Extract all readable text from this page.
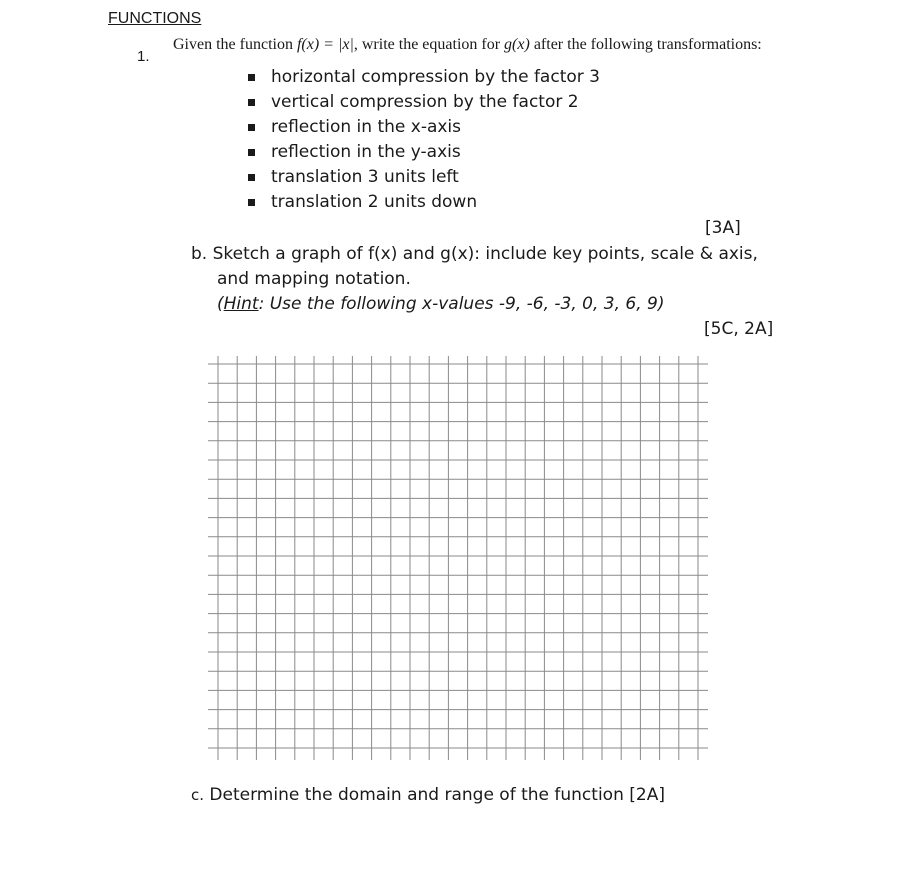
FUNCTIONS
1.
Given the function f(x) = |x|, write the equation for g(x) after the following transformations:
horizontal compression by the factor 3
vertical compression by the factor 2
reflection in the x-axis
reflection in the y-axis
translation 3 units left
translation 2 units down
[3A]
b. Sketch a graph of f(x) and g(x): include key points, scale & axis,
and mapping notation.
(Hint: Use the following x-values -9, -6, -3, 0, 3, 6, 9)
[5C, 2A]
c. Determine the domain and range of the function [2A]
